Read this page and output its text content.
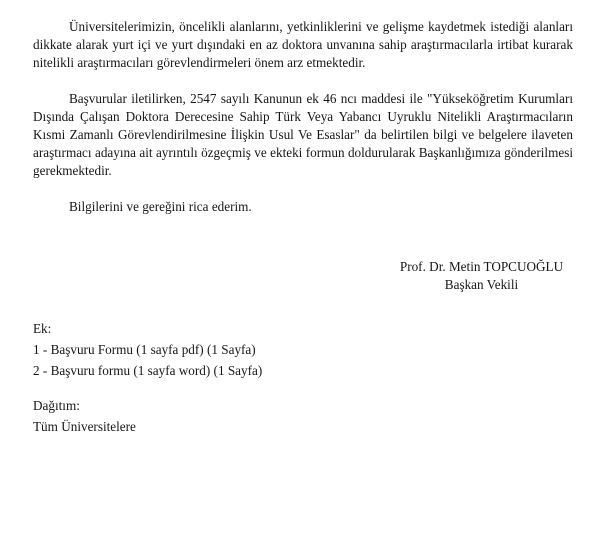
Üniversitelerimizin, öncelikli alanlarını, yetkinliklerini ve gelişme kaydetmek istediği alanları dikkate alarak yurt içi ve yurt dışındaki en az doktora unvanına sahip araştırmacılarla irtibat kurarak nitelikli araştırmacıları görevlendirmeleri önem arz etmektedir.

Başvurular iletilirken, 2547 sayılı Kanunun ek 46 ncı maddesi ile "Yükseköğretim Kurumları Dışında Çalışan Doktora Derecesine Sahip Türk Veya Yabancı Uyruklu Nitelikli Araştırmacıların Kısmi Zamanlı Görevlendirilmesine İlişkin Usul Ve Esaslar" da belirtilen bilgi ve belgelere ilaveten araştırmacı adayına ait ayrıntılı özgeçmiş ve ekteki formun doldurularak Başkanlığımıza gönderilmesi gerekmektedir.

Bilgilerini ve gereğini rica ederim.

Prof. Dr. Metin TOPCUOĞLU
Başkan Vekili

Ek:

1 - Başvuru Formu (1 sayfa pdf) (1 Sayfa)

2 - Başvuru formu (1 sayfa word) (1 Sayfa)

Dağıtım:

Tüm Üniversitelere
